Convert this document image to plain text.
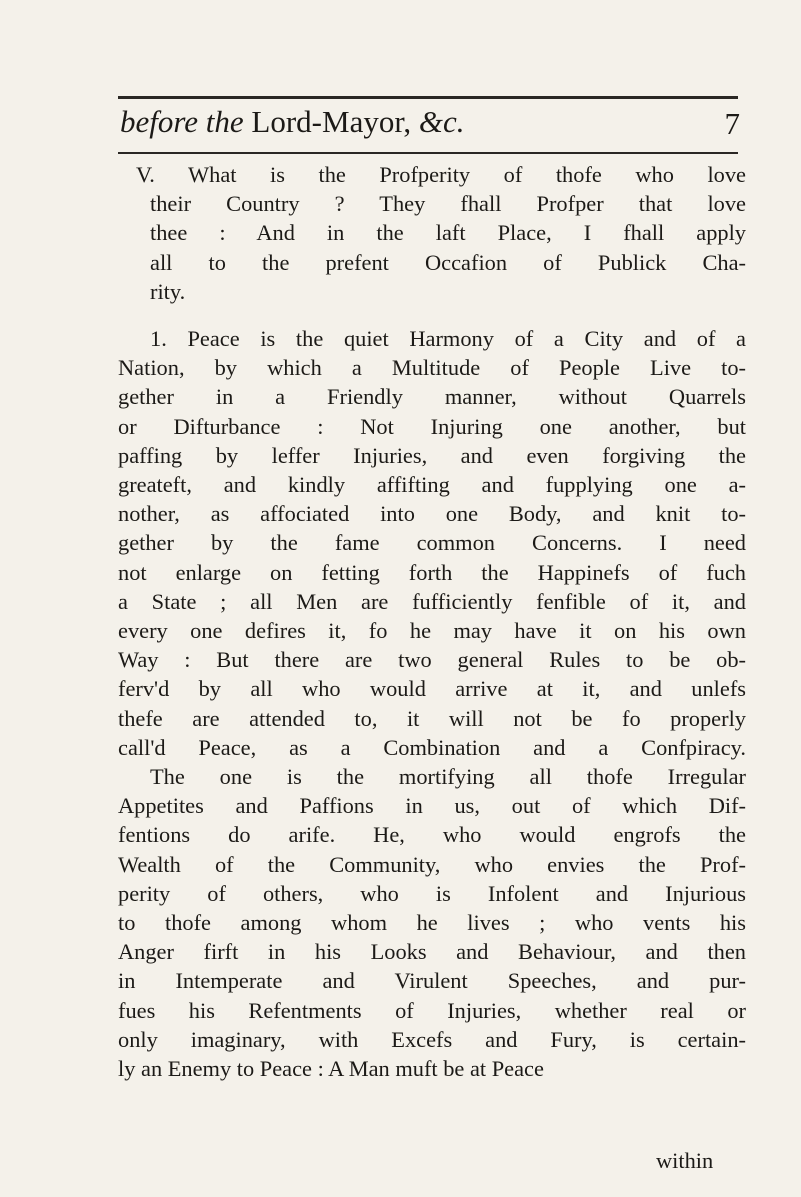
before the Lord-Mayor, &c.	7
V. What is the Profperity of thofe who love
their Country ? They fhall Profper that love
thee : And in the laft Place, I fhall apply
all to the prefent Occafion of Publick Cha-
rity.
1. Peace is the quiet Harmony of a City and of a
Nation, by which a Multitude of People Live to-
gether in a Friendly manner, without Quarrels
or Difturbance : Not Injuring one another, but
paffing by leffer Injuries, and even forgiving the
greateft, and kindly affifting and fupplying one a-
nother, as affociated into one Body, and knit to-
gether by the fame common Concerns. I need
not enlarge on fetting forth the Happinefs of fuch
a State ; all Men are fufficiently fenfible of it, and
every one defires it, fo he may have it on his own
Way : But there are two general Rules to be ob-
ferv'd by all who would arrive at it, and unlefs
thefe are attended to, it will not be fo properly
call'd Peace, as a Combination and a Confpiracy.
The one is the mortifying all thofe Irregular
Appetites and Paffions in us, out of which Dif-
fentions do arife. He, who would engrofs the
Wealth of the Community, who envies the Prof-
perity of others, who is Infolent and Injurious
to thofe among whom he lives ; who vents his
Anger firft in his Looks and Behaviour, and then
in Intemperate and Virulent Speeches, and pur-
fues his Refentments of Injuries, whether real or
only imaginary, with Excefs and Fury, is certain-
ly an Enemy to Peace : A Man muft be at Peace
within
